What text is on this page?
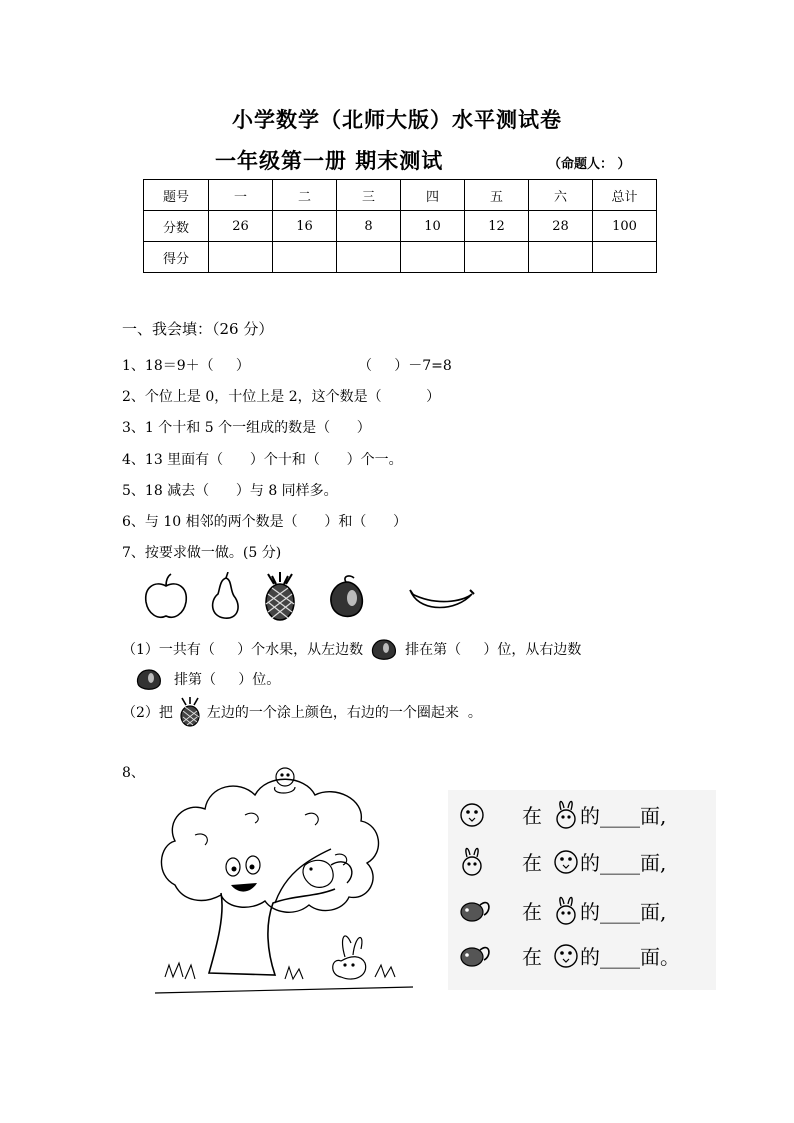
小学数学（北师大版）水平测试卷
一年级第一册 期末测试	（命题人： ）
题号	一	二	三	四	五	六	总计
分数	26	16	8	10	12	28	100
得分							
一、我会填：（26 分）
1、18＝9＋（     ）	（     ）－7=8
2、个位上是 0，十位上是 2，这个数是（          ）
3、1 个十和 5 个一组成的数是（      ）
4、13 里面有（      ）个十和（      ）个一。
5、18 减去（      ）与 8 同样多。
6、与 10 相邻的两个数是（      ）和（      ）
7、按要求做一做。(5 分)
（1）一共有（     ）个水果，从左边数	排在第（     ）位，从右边数
排第（     ）位。
（2）把 左边的一个涂上颜色，右边的一个圈起来  。
8、
在 的____面,
在 的____面,
在 的____面,
在 的____面。
